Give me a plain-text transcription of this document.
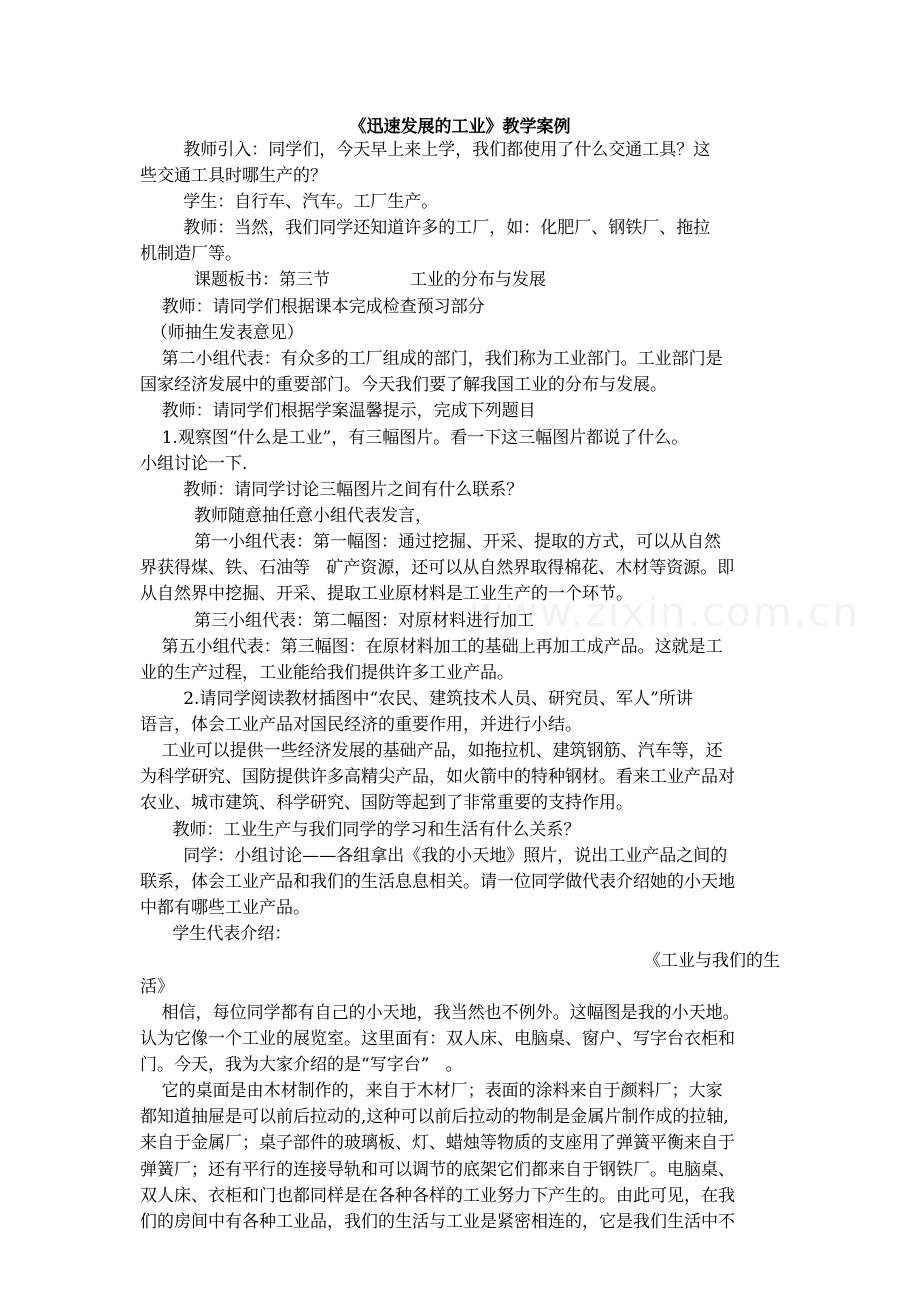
《迅速发展的工业》教学案例

教师引入：同学们，今天早上来上学，我们都使用了什么交通工具？这
些交通工具时哪生产的？

学生：自行车、汽车。工厂生产。

教师：当然，我们同学还知道许多的工厂，如：化肥厂、钢铁厂、拖拉
机制造厂等。

课题板书：第三节	工业的分布与发展

教师：请同学们根据课本完成检查预习部分

（师抽生发表意见）

第二小组代表：有众多的工厂组成的部门，我们称为工业部门。工业部门是
国家经济发展中的重要部门。今天我们要了解我国工业的分布与发展。

教师：请同学们根据学案温馨提示，完成下列题目

1.观察图“什么是工业”，有三幅图片。看一下这三幅图片都说了什么。
小组讨论一下.

教师：请同学讨论三幅图片之间有什么联系？

教师随意抽任意小组代表发言，

第一小组代表：第一幅图：通过挖掘、开采、提取的方式，可以从自然
界获得煤、铁、石油等   矿产资源，还可以从自然界取得棉花、木材等资源。即
从自然界中挖掘、开采、提取工业原材料是工业生产的一个环节。

第三小组代表：第二幅图：对原材料进行加工

第五小组代表：第三幅图：在原材料加工的基础上再加工成产品。这就是工
业的生产过程，工业能给我们提供许多工业产品。

2.请同学阅读教材插图中“农民、建筑技术人员、研究员、军人”所讲
语言，体会工业产品对国民经济的重要作用，并进行小结。

工业可以提供一些经济发展的基础产品，如拖拉机、建筑钢筋、汽车等，还
为科学研究、国防提供许多高精尖产品，如火箭中的特种钢材。看来工业产品对
农业、城市建筑、科学研究、国防等起到了非常重要的支持作用。

教师：工业生产与我们同学的学习和生活有什么关系？

同学：小组讨论——各组拿出《我的小天地》照片，说出工业产品之间的
联系，体会工业产品和我们的生活息息相关。请一位同学做代表介绍她的小天地
中都有哪些工业产品。

学生代表介绍：

《工业与我们的生
活》

相信，每位同学都有自己的小天地，我当然也不例外。这幅图是我的小天地。
认为它像一个工业的展览室。这里面有：双人床、电脑桌、窗户、写字台衣柜和
门。今天，我为大家介绍的是“写字台”   。

它的桌面是由木材制作的，来自于木材厂；表面的涂料来自于颜料厂；大家
都知道抽屉是可以前后拉动的,这种可以前后拉动的物制是金属片制作成的拉轴,
来自于金属厂；桌子部件的玻璃板、灯、蜡烛等物质的支座用了弹簧平衡来自于
弹簧厂；还有平行的连接导轨和可以调节的底架它们都来自于钢铁厂。电脑桌、
双人床、衣柜和门也都同样是在各种各样的工业努力下产生的。由此可见，在我
们的房间中有各种工业品，我们的生活与工业是紧密相连的，它是我们生活中不

www.zixin.com.cn
